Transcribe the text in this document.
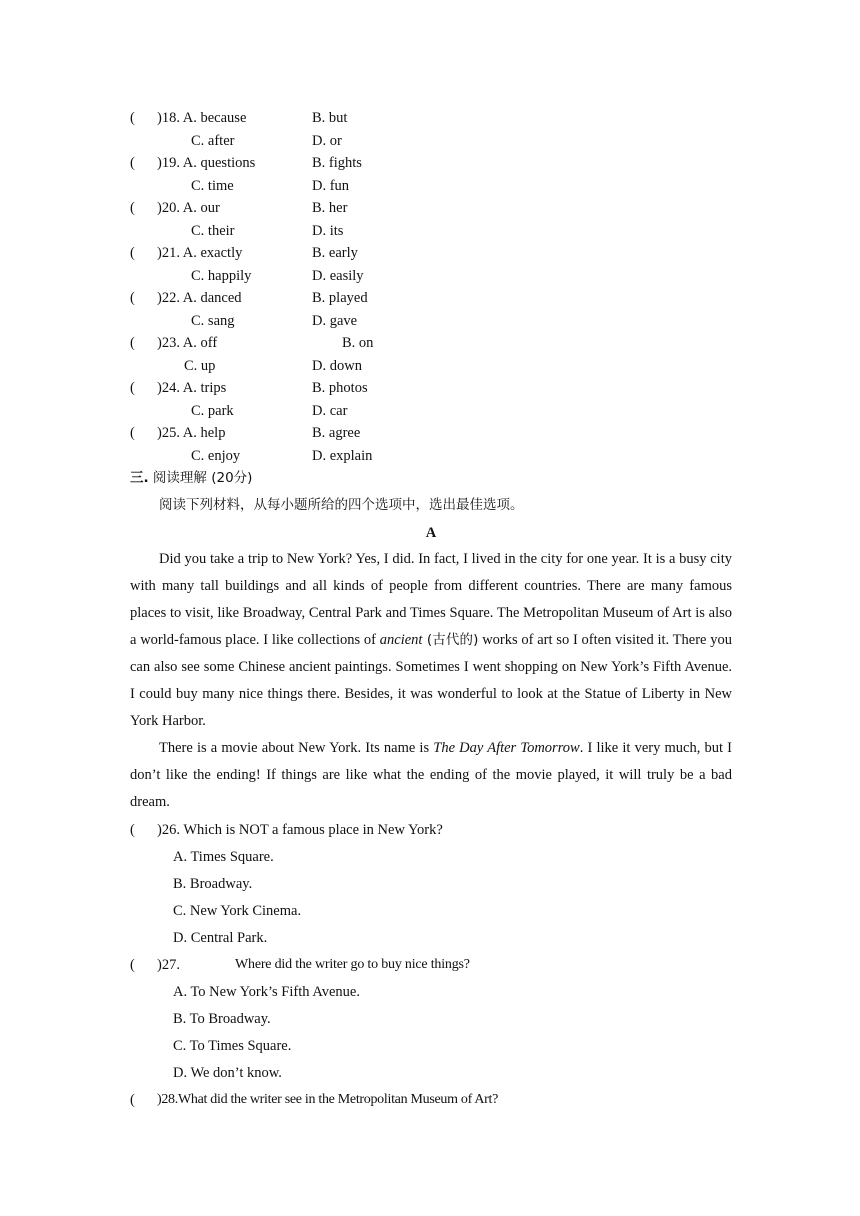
( )18. A. because	B. but
C. after	D. or
( )19. A. questions	B. fights
C. time	D. fun
( )20. A. our	B. her
C. their	D. its
( )21. A. exactly	B. early
C. happily	D. easily
( )22. A. danced	B. played
C. sang	D. gave
( )23. A. off	B. on
C. up	D. down
( )24. A. trips	B. photos
C. park	D. car
( )25. A. help	B. agree
C. enjoy	D. explain
三. 阅读理解 (20分)
阅读下列材料，从每小题所给的四个选项中，选出最佳选项。
A
Did you take a trip to New York? Yes, I did. In fact, I lived in the city for one year. It is a busy city with many tall buildings and all kinds of people from different countries. There are many famous places to visit, like Broadway, Central Park and Times Square. The Metropolitan Museum of Art is also a world-famous place. I like collections of ancient (古代的) works of art so I often visited it. There you can also see some Chinese ancient paintings. Sometimes I went shopping on New York’s Fifth Avenue. I could buy many nice things there. Besides, it was wonderful to look at the Statue of Liberty in New York Harbor.
There is a movie about New York. Its name is The Day After Tomorrow. I like it very much, but I don’t like the ending! If things are like what the ending of the movie played, it will truly be a bad dream.
( )26. Which is NOT a famous place in New York?
A. Times Square.
B. Broadway.
C. New York Cinema.
D. Central Park.
( )27.	Where did the writer go to buy nice things?
A. To New York’s Fifth Avenue.
B. To Broadway.
C. To Times Square.
D. We don’t know.
( )28.What did the writer see in the Metropolitan Museum of Art?
